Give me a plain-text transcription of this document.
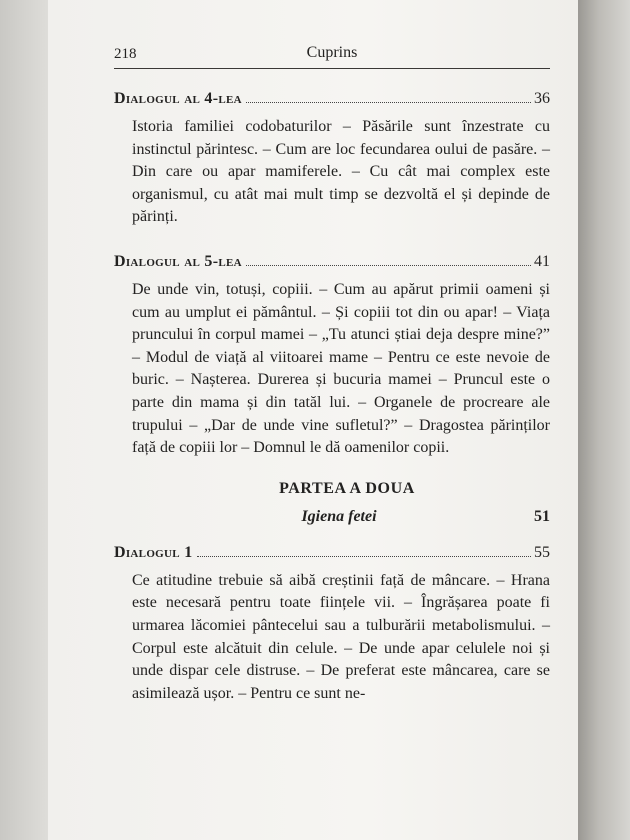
218	Cuprins
Dialogul al 4-lea	36
Istoria familiei codobaturilor – Păsările sunt înzestrate cu instinctul părintesc. – Cum are loc fecundarea oului de pasăre. – Din care ou apar mamiferele. – Cu cât mai complex este organismul, cu atât mai mult timp se dezvoltă el și depinde de părinți.
Dialogul al 5-lea	41
De unde vin, totuși, copiii. – Cum au apărut primii oameni și cum au umplut ei pământul. – Și copiii tot din ou apar! – Viața pruncului în corpul mamei – „Tu atunci știai deja despre mine?” – Modul de viață al viitoarei mame – Pentru ce este nevoie de buric. – Nașterea. Durerea și bucuria mamei – Pruncul este o parte din mama și din tatăl lui. – Organele de procreare ale trupului – „Dar de unde vine sufletul?” – Dragostea părinților față de copiii lor – Domnul le dă oamenilor copii.
PARTEA A DOUA
Igiena fetei	51
Dialogul 1	55
Ce atitudine trebuie să aibă creștinii față de mâncare. – Hrana este necesară pentru toate ființele vii. – Îngrășarea poate fi urmarea lăcomiei pântecelui sau a tulburării metabolismului. – Corpul este alcătuit din celule. – De unde apar celulele noi și unde dispar cele distruse. – De preferat este mâncarea, care se asimilează ușor. – Pentru ce sunt ne-
